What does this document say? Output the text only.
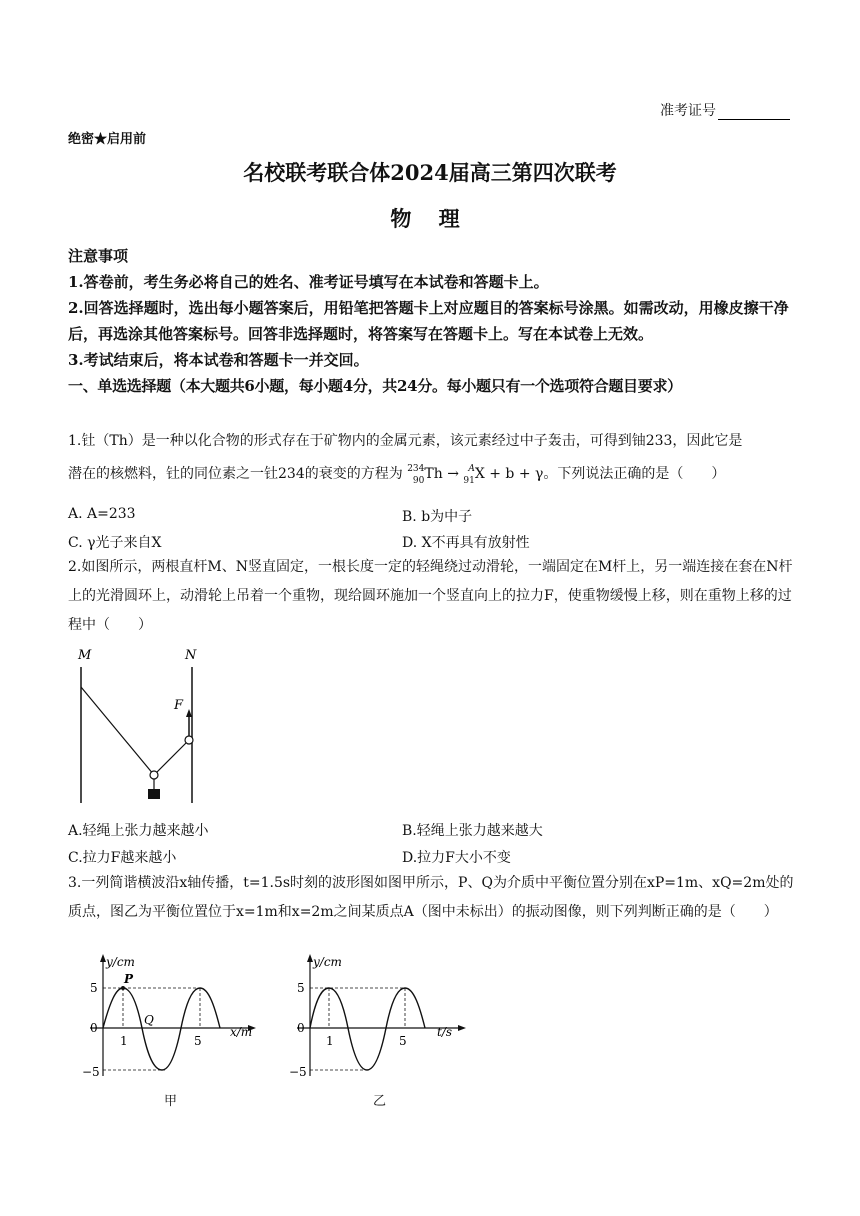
准考证号
绝密★启用前
名校联考联合体2024届高三第四次联考
物 理

注意事项

1.答卷前，考生务必将自己的姓名、准考证号填写在本试卷和答题卡上。

2.回答选择题时，选出每小题答案后，用铅笔把答题卡上对应题目的答案标号涂黑。如需改动，用橡皮擦干净后，再选涂其他答案标号。回答非选择题时，将答案写在答题卡上。写在本试卷上无效。

3.考试结束后，将本试卷和答题卡一并交回。

一、单选选择题（本大题共6小题，每小题4分，共24分。每小题只有一个选项符合题目要求）

1.钍（Th）是一种以化合物的形式存在于矿物内的金属元素，该元素经过中子轰击，可得到铀233，因此它是
潜在的核燃料，钍的同位素之一钍234的衰变的方程为 234
90Th → A
91X + b + γ。下列说法正确的是（　　）
A. A=233	B. b为中子
C. γ光子来自X	D. X不再具有放射性
2.如图所示，两根直杆M、N竖直固定，一根长度一定的轻绳绕过动滑轮，一端固定在M杆上，另一端连接在套在N杆上的光滑圆环上，动滑轮上吊着一个重物，现给圆环施加一个竖直向上的拉力F，使重物缓慢上移，则在重物上移的过程中（　　）
M	N
F
A.轻绳上张力越来越小	B.轻绳上张力越来越大
C.拉力F越来越小	D.拉力F大小不变
3.一列简谐横波沿x轴传播，t=1.5s时刻的波形图如图甲所示，P、Q为介质中平衡位置分别在xP=1m、xQ=2m处的质点，图乙为平衡位置位于x=1m和x=2m之间某质点A（图中未标出）的振动图像，则下列判断正确的是（　　）
y/cm
x/m
5
0
−5
1	5
P
Q
甲
y/cm
t/s
5
0
−5
1	5
乙
